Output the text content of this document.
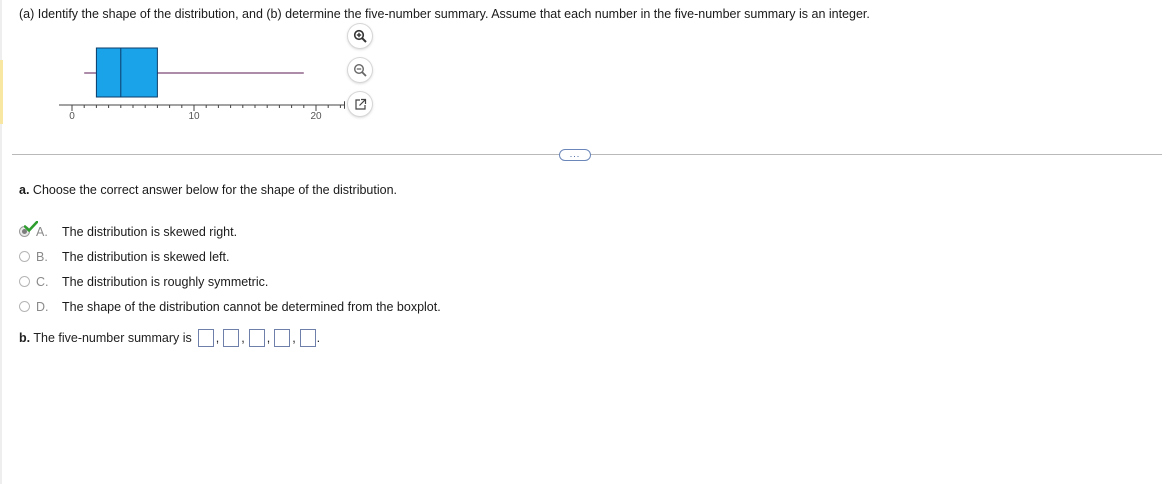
(a) Identify the shape of the distribution, and (b) determine the five-number summary. Assume that each number in the five-number summary is an integer.
0	10	20
...
a. Choose the correct answer below for the shape of the distribution.
A.	The distribution is skewed right.
B.	The distribution is skewed left.
C.	The distribution is roughly symmetric.
D.	The shape of the distribution cannot be determined from the boxplot.
b. The five-number summary is , , , , .
